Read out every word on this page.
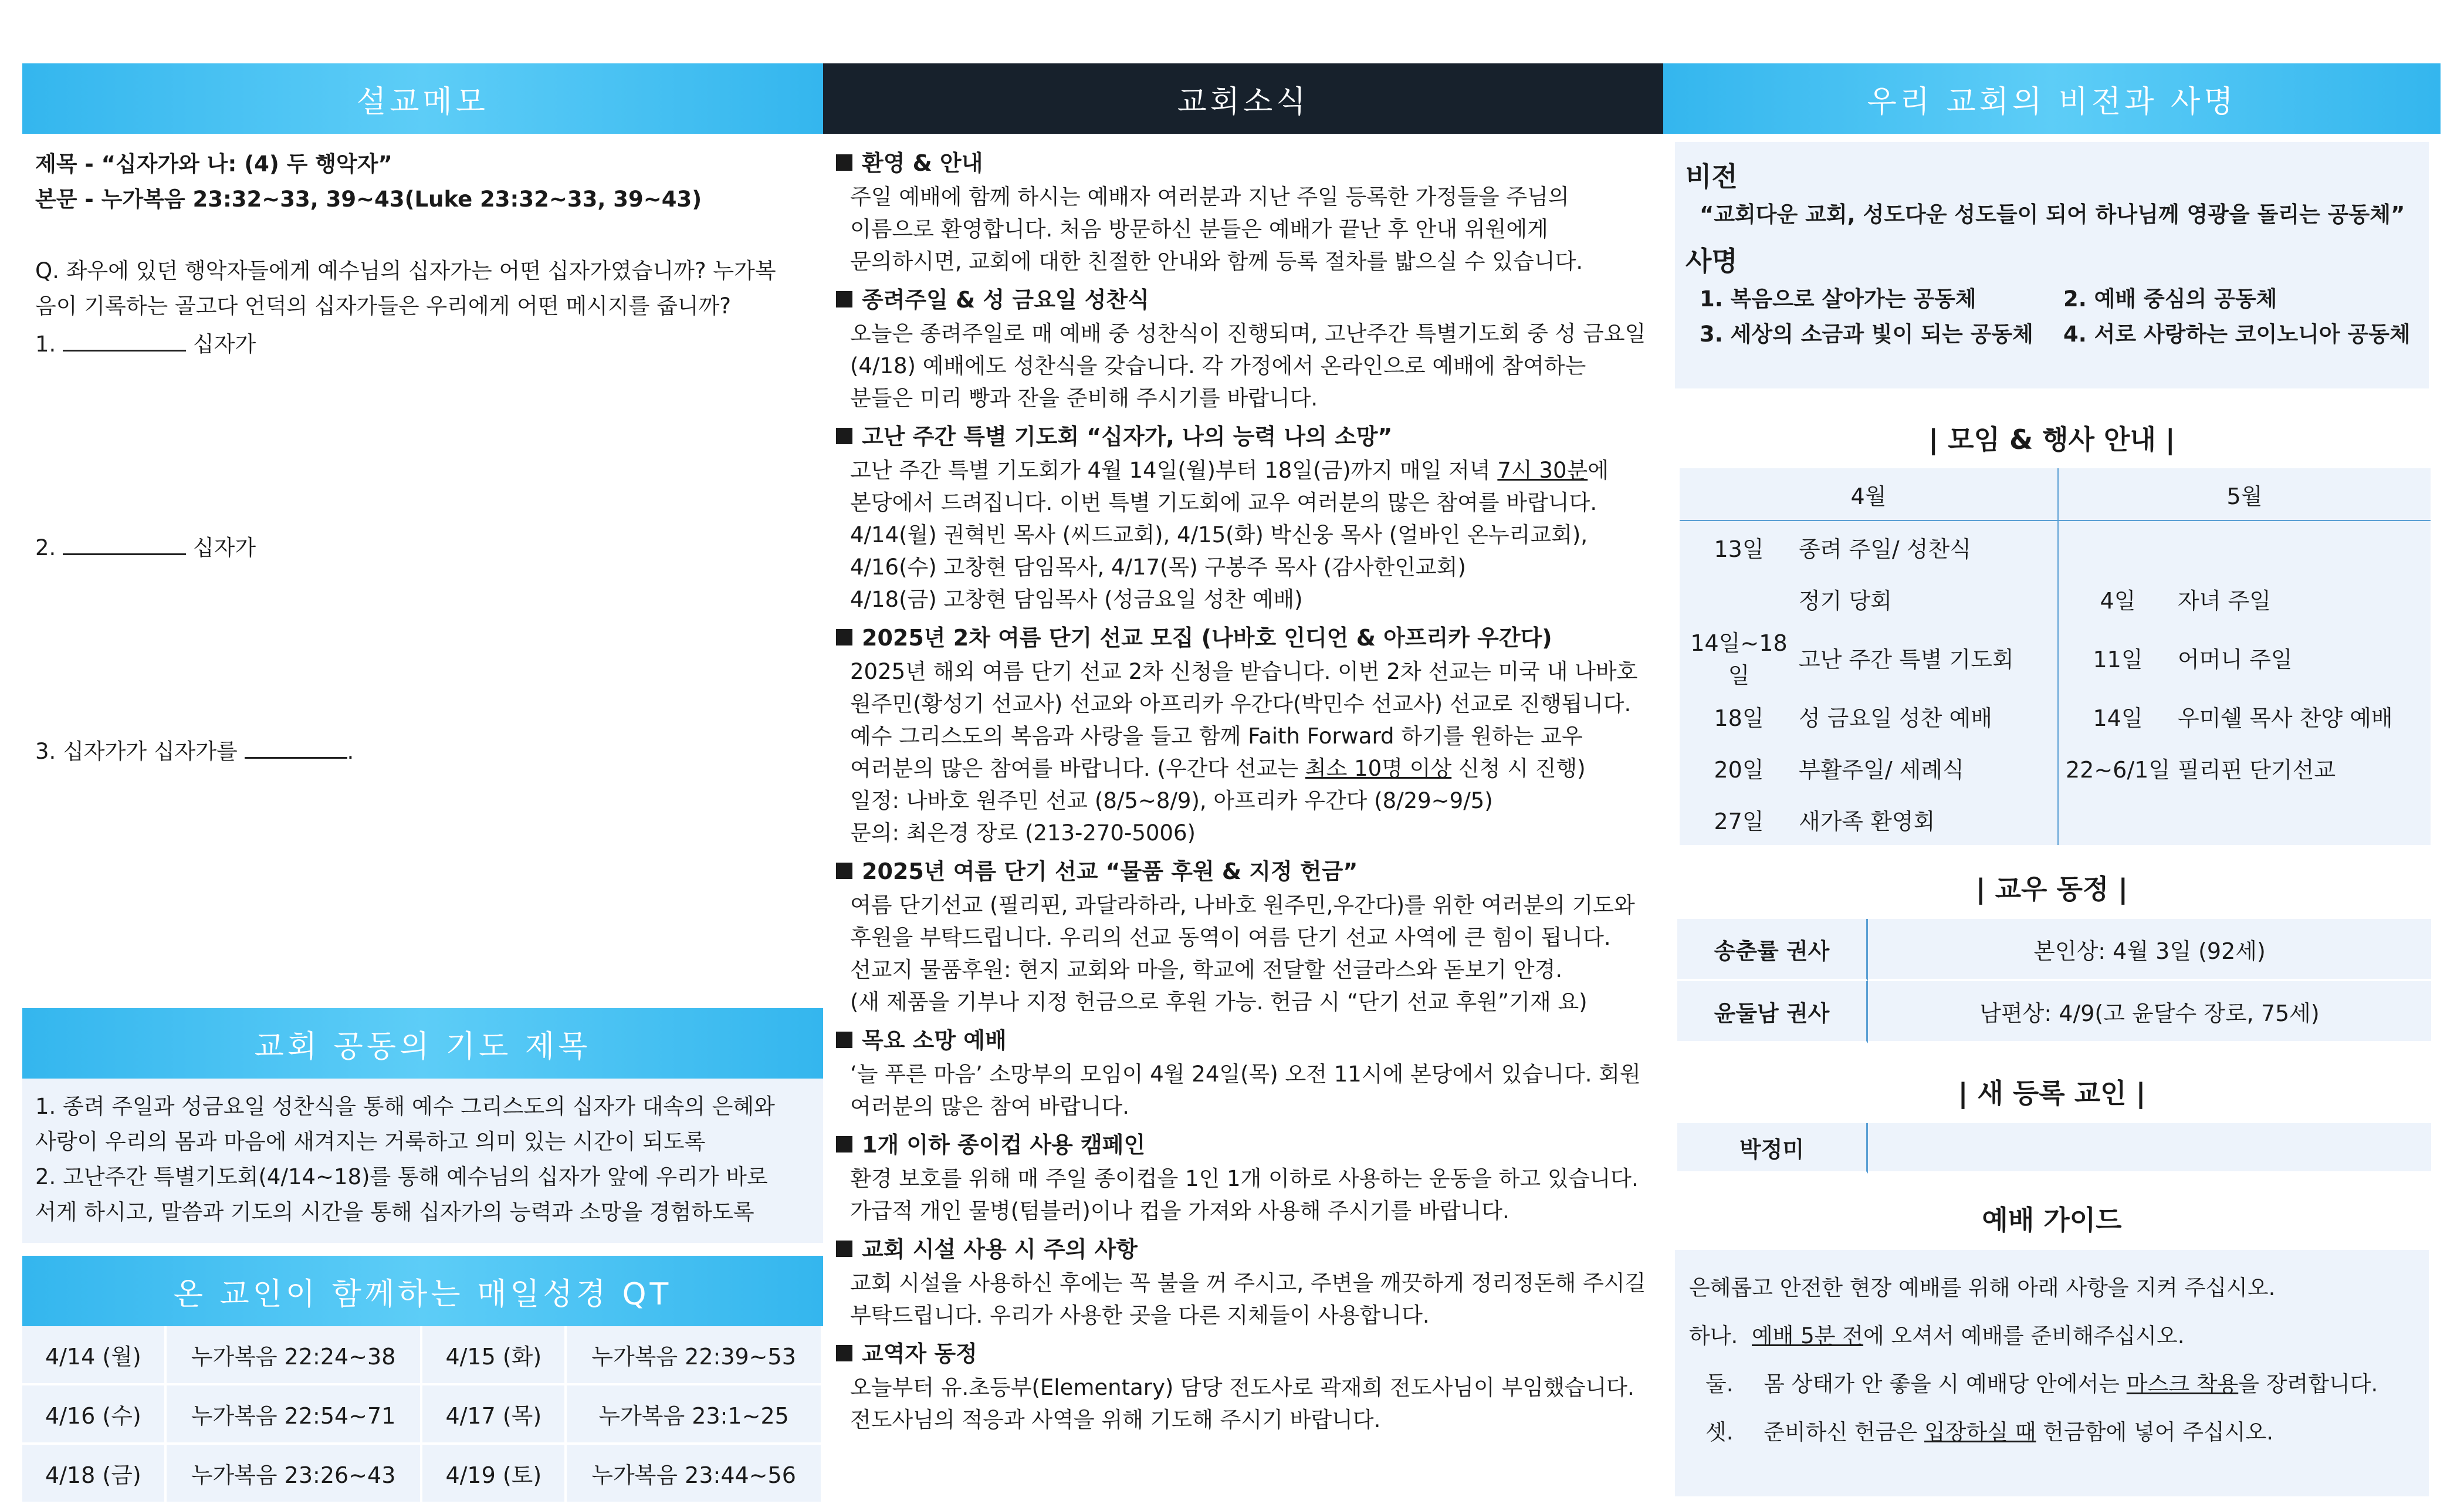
설교메모
제목 - “십자가와 나: (4) 두 행악자”
본문 - 누가복음 23:32~33, 39~43(Luke 23:32~33, 39~43)
Q. 좌우에 있던 행악자들에게 예수님의 십자가는 어떤 십자가였습니까? 누가복
음이 기록하는 골고다 언덕의 십자가들은 우리에게 어떤 메시지를 줍니까?
1.	십자가
2.	십자가
3. 십자가가 십자가를	.
교회 공동의 기도 제목
1. 종려 주일과 성금요일 성찬식을 통해 예수 그리스도의 십자가 대속의 은혜와
사랑이 우리의 몸과 마음에 새겨지는 거룩하고 의미 있는 시간이 되도록
2. 고난주간 특별기도회(4/14~18)를 통해 예수님의 십자가 앞에 우리가 바로
서게 하시고, 말씀과 기도의 시간을 통해 십자가의 능력과 소망을 경험하도록
온 교인이 함께하는 매일성경 QT
4/14 (월)	누가복음 22:24~38	4/15 (화)	누가복음 22:39~53
4/16 (수)	누가복음 22:54~71	4/17 (목)	누가복음 23:1~25
4/18 (금)	누가복음 23:26~43	4/19 (토)	누가복음 23:44~56
교회소식
환영 & 안내
주일 예배에 함께 하시는 예배자 여러분과 지난 주일 등록한 가정들을 주님의
이름으로 환영합니다. 처음 방문하신 분들은 예배가 끝난 후 안내 위원에게
문의하시면, 교회에 대한 친절한 안내와 함께 등록 절차를 밟으실 수 있습니다.
종려주일 & 성 금요일 성찬식
오늘은 종려주일로 매 예배 중 성찬식이 진행되며, 고난주간 특별기도회 중 성 금요일
(4/18) 예배에도 성찬식을 갖습니다. 각 가정에서 온라인으로 예배에 참여하는
분들은 미리 빵과 잔을 준비해 주시기를 바랍니다.
고난 주간 특별 기도회 “십자가, 나의 능력 나의 소망”
고난 주간 특별 기도회가 4월 14일(월)부터 18일(금)까지 매일 저녁 7시 30분에
본당에서 드려집니다. 이번 특별 기도회에 교우 여러분의 많은 참여를 바랍니다.
4/14(월) 권혁빈 목사 (씨드교회), 4/15(화) 박신웅 목사 (얼바인 온누리교회),
4/16(수) 고창현 담임목사, 4/17(목) 구봉주 목사 (감사한인교회)
4/18(금) 고창현 담임목사 (성금요일 성찬 예배)
2025년 2차 여름 단기 선교 모집 (나바호 인디언 & 아프리카 우간다)
2025년 해외 여름 단기 선교 2차 신청을 받습니다. 이번 2차 선교는 미국 내 나바호
원주민(황성기 선교사) 선교와 아프리카 우간다(박민수 선교사) 선교로 진행됩니다.
예수 그리스도의 복음과 사랑을 들고 함께 Faith Forward 하기를 원하는 교우
여러분의 많은 참여를 바랍니다. (우간다 선교는 최소 10명 이상 신청 시 진행)
일정: 나바호 원주민 선교 (8/5~8/9), 아프리카 우간다 (8/29~9/5)
문의: 최은경 장로 (213-270-5006)
2025년 여름 단기 선교 “물품 후원 & 지정 헌금”
여름 단기선교 (필리핀, 과달라하라, 나바호 원주민,우간다)를 위한 여러분의 기도와
후원을 부탁드립니다. 우리의 선교 동역이 여름 단기 선교 사역에 큰 힘이 됩니다.
선교지 물품후원: 현지 교회와 마을, 학교에 전달할 선글라스와 돋보기 안경.
(새 제품을 기부나 지정 헌금으로 후원 가능. 헌금 시 “단기 선교 후원”기재 요)
목요 소망 예배
‘늘 푸른 마음’ 소망부의 모임이 4월 24일(목) 오전 11시에 본당에서 있습니다. 회원
여러분의 많은 참여 바랍니다.
1개 이하 종이컵 사용 캠페인
환경 보호를 위해 매 주일 종이컵을 1인 1개 이하로 사용하는 운동을 하고 있습니다.
가급적 개인 물병(텀블러)이나 컵을 가져와 사용해 주시기를 바랍니다.
교회 시설 사용 시 주의 사항
교회 시설을 사용하신 후에는 꼭 불을 꺼 주시고, 주변을 깨끗하게 정리정돈해 주시길
부탁드립니다. 우리가 사용한 곳을 다른 지체들이 사용합니다.
교역자 동정
오늘부터 유.초등부(Elementary) 담당 전도사로 곽재희 전도사님이 부임했습니다.
전도사님의 적응과 사역을 위해 기도해 주시기 바랍니다.
우리 교회의 비전과 사명
비전
“교회다운 교회, 성도다운 성도들이 되어 하나님께 영광을 돌리는 공동체”
사명
1. 복음으로 살아가는 공동체	2. 예배 중심의 공동체
3. 세상의 소금과 빛이 되는 공동체	4. 서로 사랑하는 코이노니아 공동체
| 모임 & 행사 안내 |
4월		5월	
13일	종려 주일/ 성찬식		
	정기 당회	4일	자녀 주일
14일~18일	고난 주간 특별 기도회	11일	어머니 주일
18일	성 금요일 성찬 예배	14일	우미쉘 목사 찬양 예배
20일	부활주일/ 세례식	22~6/1일	필리핀 단기선교
27일	새가족 환영회		
| 교우 동정 |
송춘률 권사	본인상: 4월 3일 (92세)
윤둘남 권사	남편상: 4/9(고 윤달수 장로, 75세)
| 새 등록 교인 |
박정미	
예배 가이드
은혜롭고 안전한 현장 예배를 위해 아래 사항을 지켜 주십시오.
하나. 예배 5분 전에 오셔서 예배를 준비해주십시오.
둘. 몸 상태가 안 좋을 시 예배당 안에서는 마스크 착용을 장려합니다.
셋. 준비하신 헌금은 입장하실 때 헌금함에 넣어 주십시오.
